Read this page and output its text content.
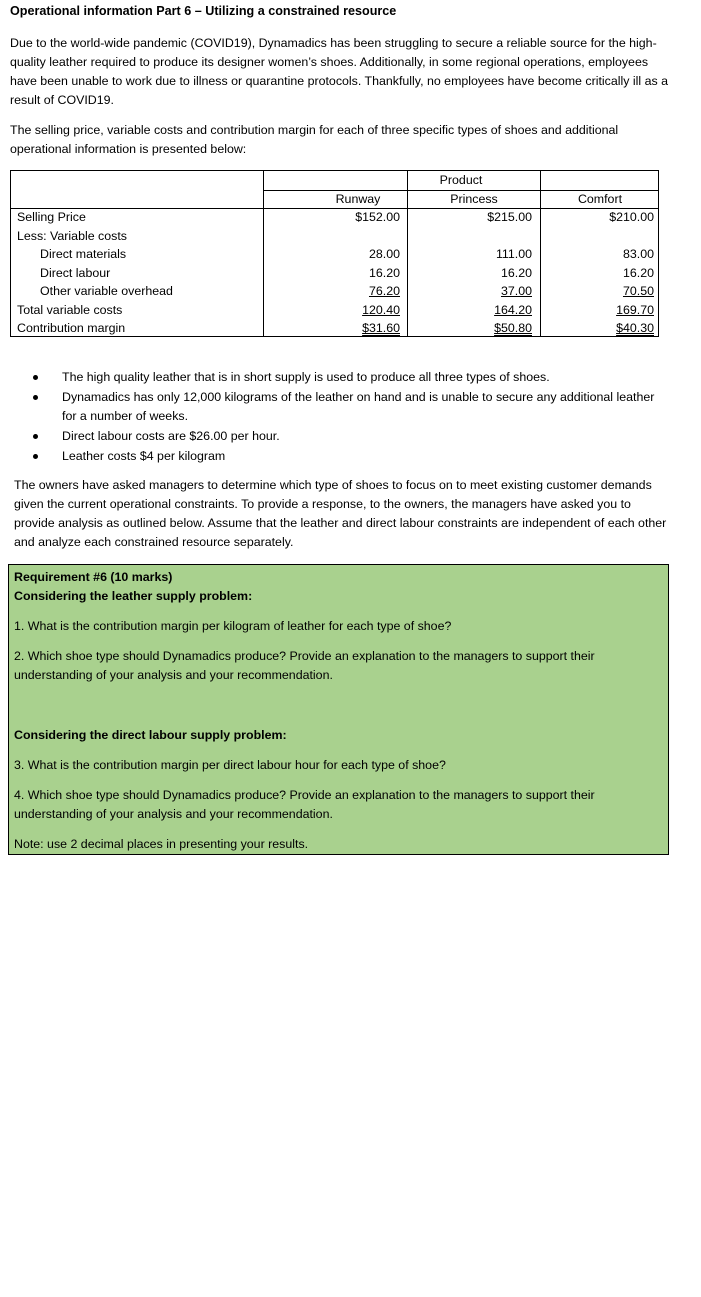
Operational information Part 6 – Utilizing a constrained resource

Due to the world-wide pandemic (COVID19), Dynamadics has been struggling to secure a reliable source for the high-quality leather required to produce its designer women’s shoes. Additionally, in some regional operations, employees have been unable to work due to illness or quarantine protocols. Thankfully, no employees have become critically ill as a result of COVID19.

The selling price, variable costs and contribution margin for each of three specific types of shoes and additional operational information is presented below:

Product
Runway	Princess	Comfort
Selling Price	$152.00	$215.00	$210.00
Less: Variable costs
Direct materials	28.00	111.00	83.00
Direct labour	16.20	16.20	16.20
Other variable overhead	76.20	37.00	70.50
Total variable costs	120.40	164.20	169.70
Contribution margin	$31.60	$50.80	$40.30
The high quality leather that is in short supply is used to produce all three types of shoes.
Dynamadics has only 12,000 kilograms of the leather on hand and is unable to secure any additional leather for a number of weeks.
Direct labour costs are $26.00 per hour.
Leather costs $4 per kilogram

The owners have asked managers to determine which type of shoes to focus on to meet existing customer demands given the current operational constraints. To provide a response, to the owners, the managers have asked you to provide analysis as outlined below. Assume that the leather and direct labour constraints are independent of each other and analyze each constrained resource separately.

Requirement #6 (10 marks)
Considering the leather supply problem:
1. What is the contribution margin per kilogram of leather for each type of shoe?
2. Which shoe type should Dynamadics produce? Provide an explanation to the managers to support their understanding of your analysis and your recommendation.
Considering the direct labour supply problem:
3. What is the contribution margin per direct labour hour for each type of shoe?
4. Which shoe type should Dynamadics produce? Provide an explanation to the managers to support their understanding of your analysis and your recommendation.
Note: use 2 decimal places in presenting your results.
